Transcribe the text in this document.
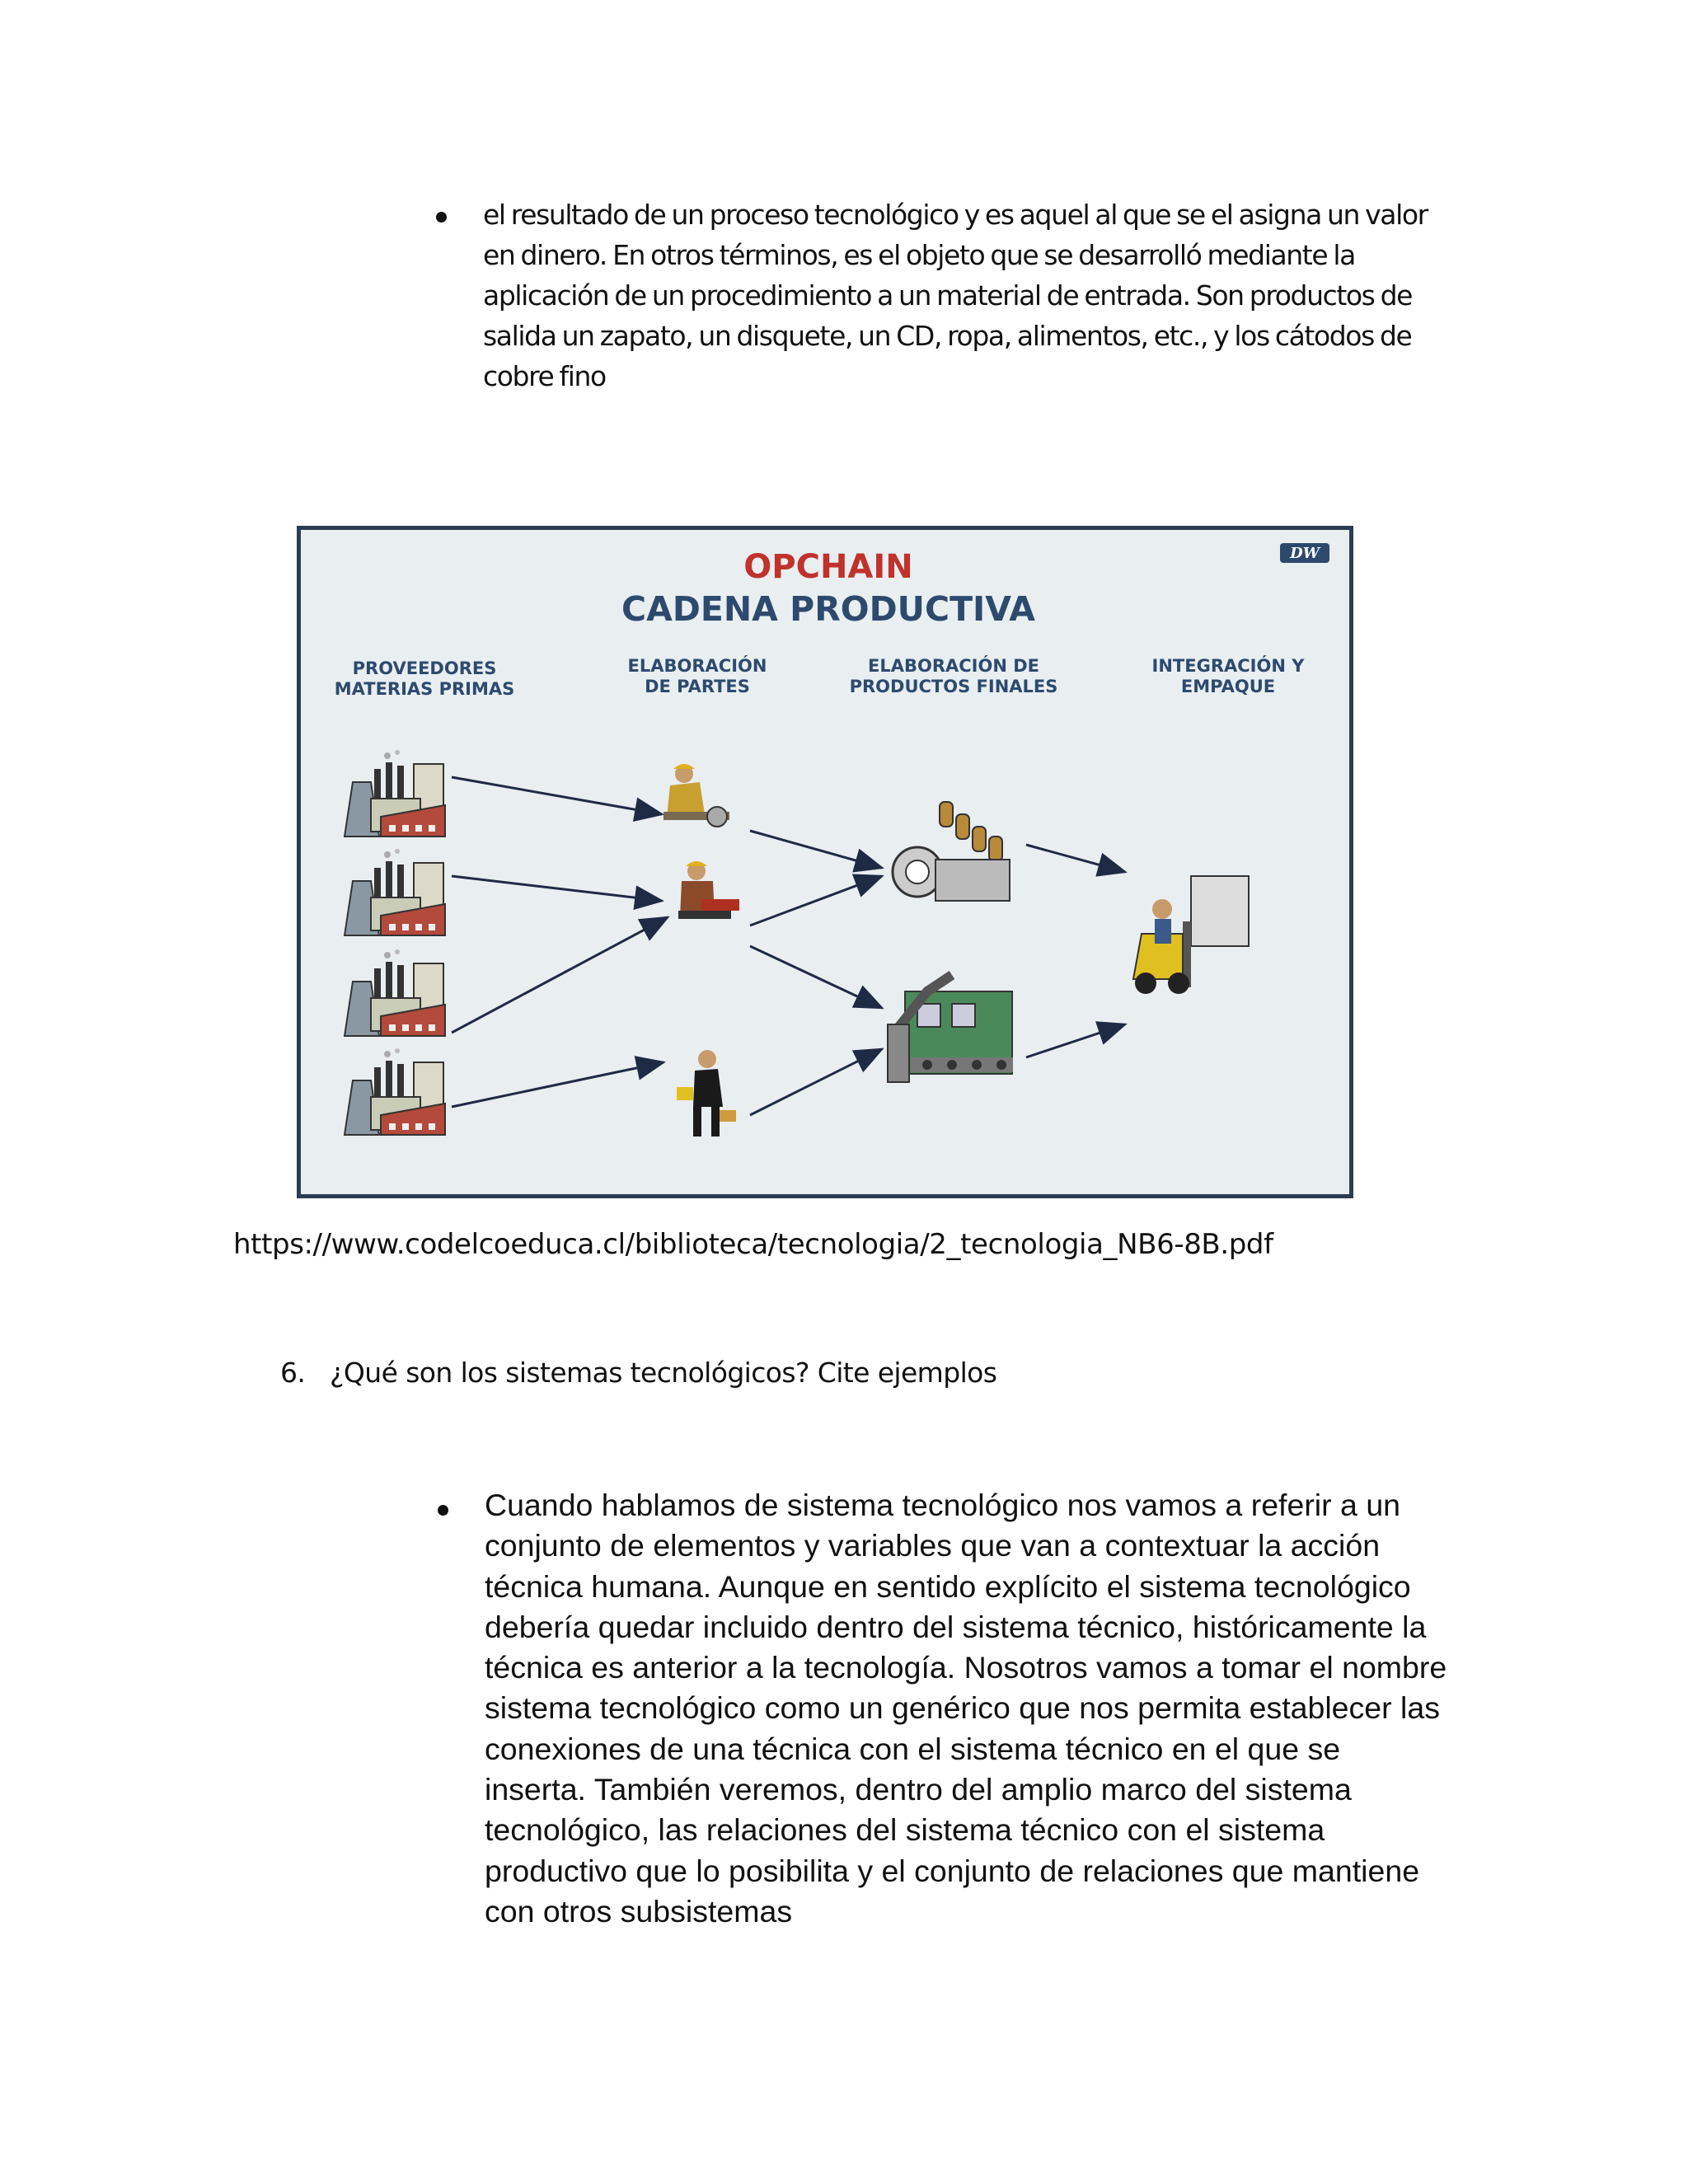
el resultado de un proceso tecnológico y es aquel al que se el asigna un valor en dinero. En otros términos, es el objeto que se desarrolló mediante la aplicación de un procedimiento a un material de entrada. Son productos de salida un zapato, un disquete, un CD, ropa, alimentos, etc., y los cátodos de cobre fino

OPCHAIN
CADENA PRODUCTIVA
DW
PROVEEDORES
MATERIAS PRIMAS
ELABORACIÓN
DE PARTES
ELABORACIÓN DE
PRODUCTOS FINALES
INTEGRACIÓN Y
EMPAQUE

https://www.codelcoeduca.cl/biblioteca/tecnologia/2_tecnologia_NB6-8B.pdf

6. ¿Qué son los sistemas tecnológicos? Cite ejemplos

Cuando hablamos de sistema tecnológico nos vamos a referir a un conjunto de elementos y variables que van a contextuar la acción técnica humana. Aunque en sentido explícito el sistema tecnológico debería quedar incluido dentro del sistema técnico, históricamente la técnica es anterior a la tecnología. Nosotros vamos a tomar el nombre sistema tecnológico como un genérico que nos permita establecer las conexiones de una técnica con el sistema técnico en el que se inserta. También veremos, dentro del amplio marco del sistema tecnológico, las relaciones del sistema técnico con el sistema productivo que lo posibilita y el conjunto de relaciones que mantiene con otros subsistemas
